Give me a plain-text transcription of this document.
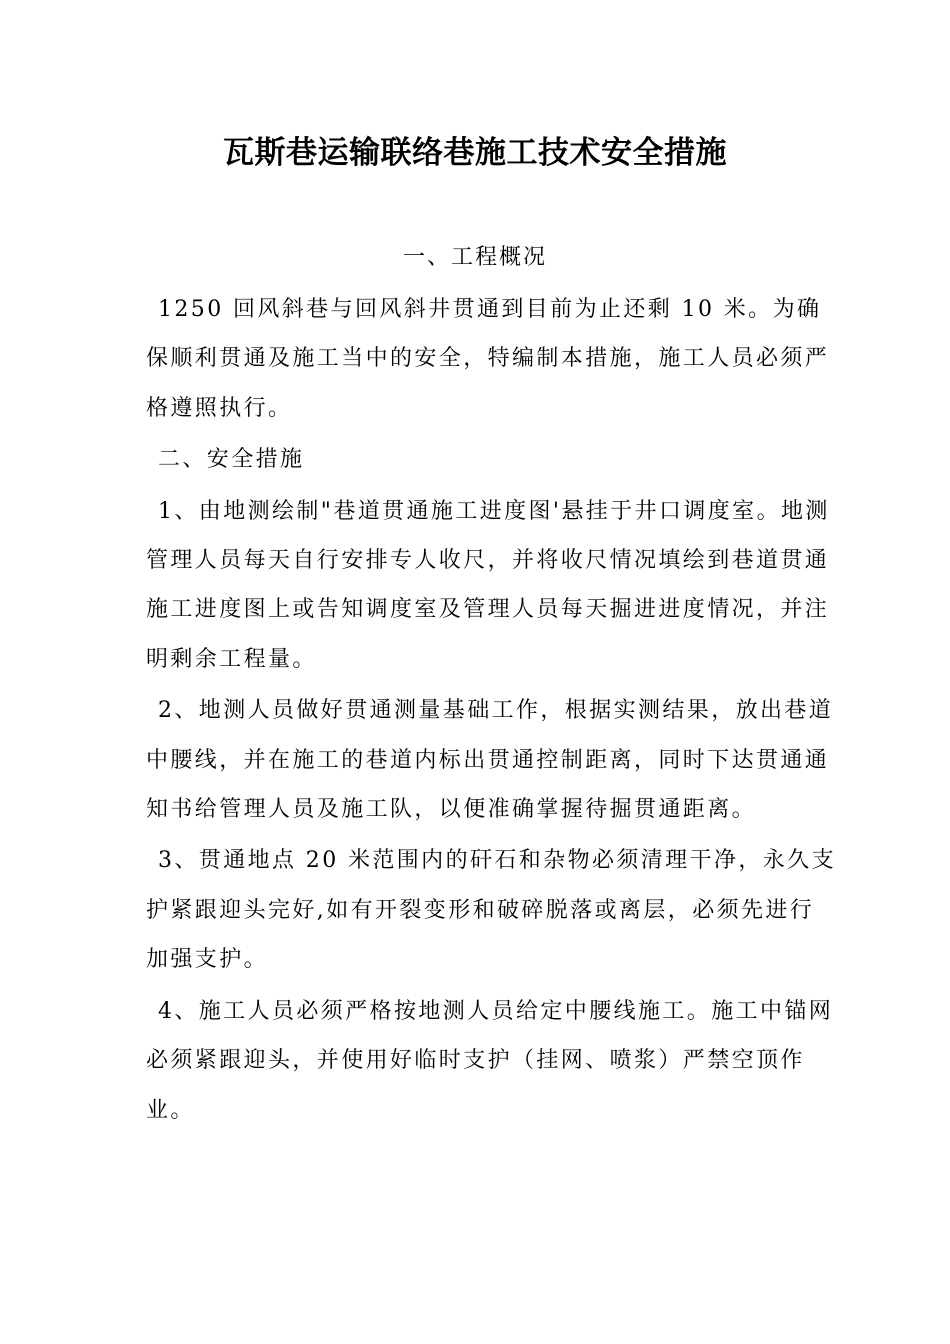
瓦斯巷运输联络巷施工技术安全措施

一、工程概况

1250 回风斜巷与回风斜井贯通到目前为止还剩 10 米。为确保顺利贯通及施工当中的安全，特编制本措施，施工人员必须严格遵照执行。

二、安全措施

1、由地测绘制"巷道贯通施工进度图'悬挂于井口调度室。地测管理人员每天自行安排专人收尺，并将收尺情况填绘到巷道贯通施工进度图上或告知调度室及管理人员每天掘进进度情况，并注明剩余工程量。

2、地测人员做好贯通测量基础工作，根据实测结果，放出巷道中腰线，并在施工的巷道内标出贯通控制距离，同时下达贯通通知书给管理人员及施工队，以便准确掌握待掘贯通距离。

3、贯通地点 20 米范围内的矸石和杂物必须清理干净，永久支护紧跟迎头完好,如有开裂变形和破碎脱落或离层，必须先进行加强支护。

4、施工人员必须严格按地测人员给定中腰线施工。施工中锚网必须紧跟迎头，并使用好临时支护（挂网、喷浆）严禁空顶作业。
